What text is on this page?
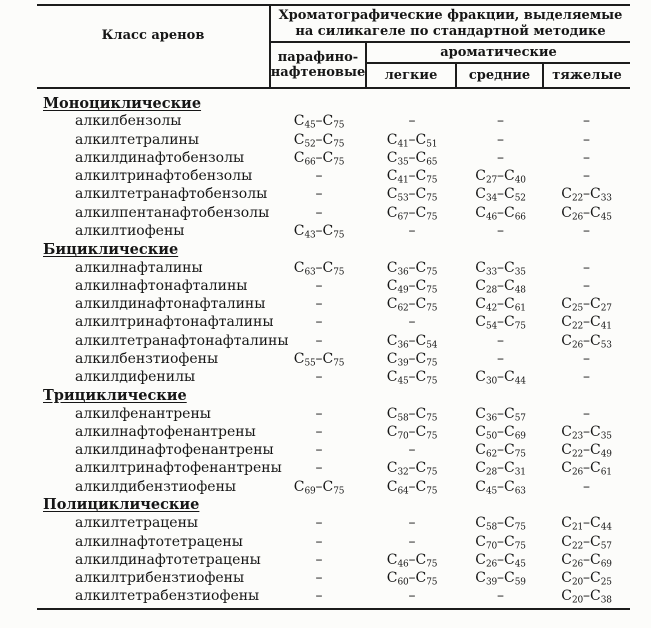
Класс аренов
Хроматографические фракции, выделяемые
на силикагеле по стандартной методике
парафино-
нафтеновые
ароматические
легкие	средние	тяжелые
Моноциклические
алкилбензолы	$C_{45}-C_{75}$	–	–	–
алкилтетралины	$C_{52}-C_{75}$	$C_{41}-C_{51}$	–	–
алкилдинафтобензолы	$C_{66}-C_{75}$	$C_{35}-C_{65}$	–	–
алкилтринафтобензолы	–	$C_{41}-C_{75}$	$C_{27}-C_{40}$	–
алкилтетранафтобензолы	–	$C_{53}-C_{75}$	$C_{34}-C_{52}$	$C_{22}-C_{33}$
алкилпентанафтобензолы	–	$C_{67}-C_{75}$	$C_{46}-C_{66}$	$C_{26}-C_{45}$
алкилтиофены	$C_{43}-C_{75}$	–	–	–
Бициклические
алкилнафталины	$C_{63}-C_{75}$	$C_{36}-C_{75}$	$C_{33}-C_{35}$	–
алкилнафтонафталины	–	$C_{49}-C_{75}$	$C_{28}-C_{48}$	–
алкилдинафтонафталины	–	$C_{62}-C_{75}$	$C_{42}-C_{61}$	$C_{25}-C_{27}$
алкилтринафтонафталины	–	–	$C_{54}-C_{75}$	$C_{22}-C_{41}$
алкилтетранафтонафталины	–	$C_{36}-C_{54}$	–	$C_{26}-C_{53}$
алкилбензтиофены	$C_{55}-C_{75}$	$C_{39}-C_{75}$	–	–
алкилдифенилы	–	$C_{45}-C_{75}$	$C_{30}-C_{44}$	–
Трициклические
алкилфенантрены	–	$C_{58}-C_{75}$	$C_{36}-C_{57}$	–
алкилнафтофенантрены	–	$C_{70}-C_{75}$	$C_{50}-C_{69}$	$C_{23}-C_{35}$
алкилдинафтофенантрены	–	–	$C_{62}-C_{75}$	$C_{22}-C_{49}$
алкилтринафтофенантрены	–	$C_{32}-C_{75}$	$C_{28}-C_{31}$	$C_{26}-C_{61}$
алкилдибензтиофены	$C_{69}-C_{75}$	$C_{64}-C_{75}$	$C_{45}-C_{63}$	–
Полициклические
алкилтетрацены	–	–	$C_{58}-C_{75}$	$C_{21}-C_{44}$
алкилнафтотетрацены	–	–	$C_{70}-C_{75}$	$C_{22}-C_{57}$
алкилдинафтотетрацены	–	$C_{46}-C_{75}$	$C_{26}-C_{45}$	$C_{26}-C_{69}$
алкилтрибензтиофены	–	$C_{60}-C_{75}$	$C_{39}-C_{59}$	$C_{20}-C_{25}$
алкилтетрабензтиофены	–	–	–	$C_{20}-C_{38}$
